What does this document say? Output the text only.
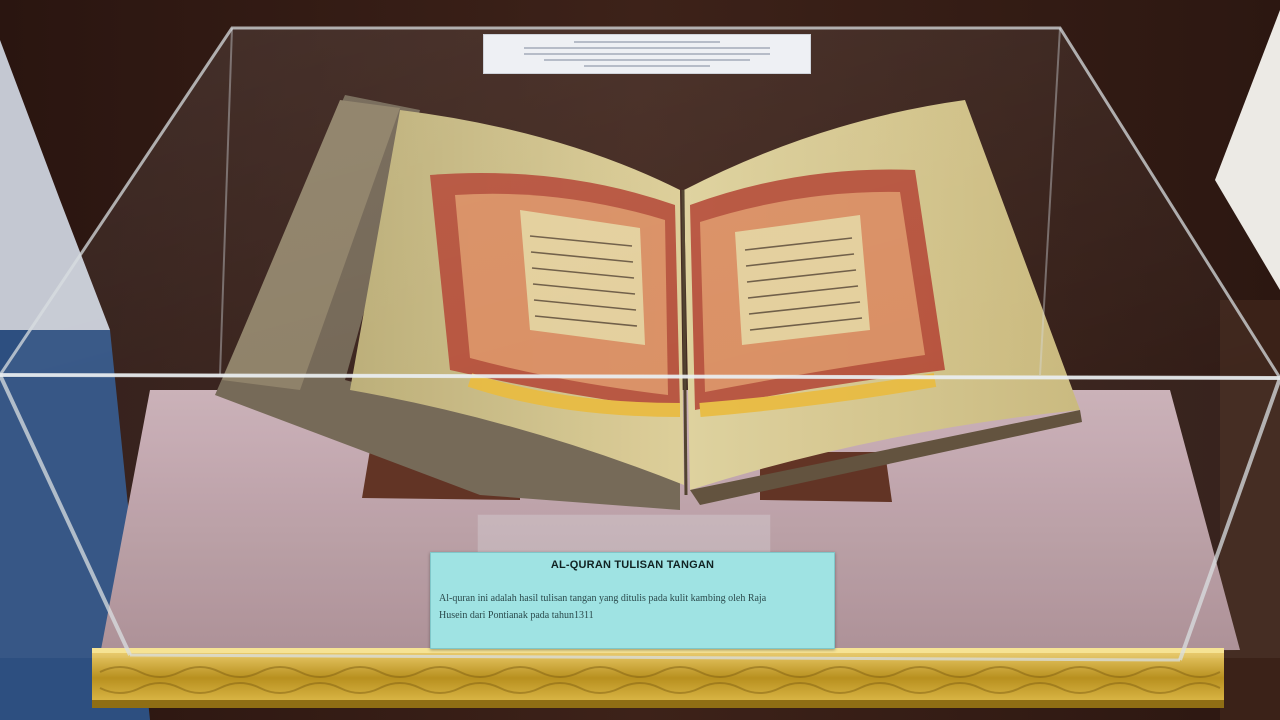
AL-QURAN TULISAN TANGAN
Al-quran ini adalah hasil tulisan tangan yang ditulis pada kulit kambing oleh Raja
Husein dari Pontianak pada tahun1311
